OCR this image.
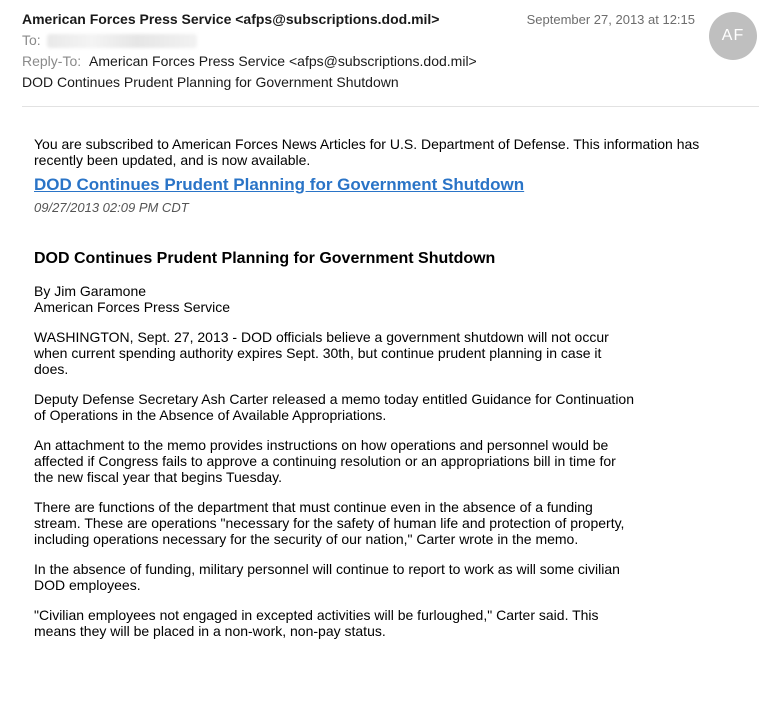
American Forces Press Service <afps@subscriptions.dod.mil>	September 27, 2013 at 12:15
AF
To:
Reply-To: American Forces Press Service <afps@subscriptions.dod.mil>
DOD Continues Prudent Planning for Government Shutdown

You are subscribed to American Forces News Articles for U.S. Department of Defense. This information has recently been updated, and is now available.

DOD Continues Prudent Planning for Government Shutdown
09/27/2013 02:09 PM CDT
DOD Continues Prudent Planning for Government Shutdown
By Jim Garamone
American Forces Press Service
WASHINGTON, Sept. 27, 2013 - DOD officials believe a government shutdown will not occur when current spending authority expires Sept. 30th, but continue prudent planning in case it does.
Deputy Defense Secretary Ash Carter released a memo today entitled Guidance for Continuation of Operations in the Absence of Available Appropriations.
An attachment to the memo provides instructions on how operations and personnel would be affected if Congress fails to approve a continuing resolution or an appropriations bill in time for the new fiscal year that begins Tuesday.
There are functions of the department that must continue even in the absence of a funding stream. These are operations "necessary for the safety of human life and protection of property, including operations necessary for the security of our nation," Carter wrote in the memo.
In the absence of funding, military personnel will continue to report to work as will some civilian DOD employees.
"Civilian employees not engaged in excepted activities will be furloughed," Carter said. This means they will be placed in a non-work, non-pay status.
